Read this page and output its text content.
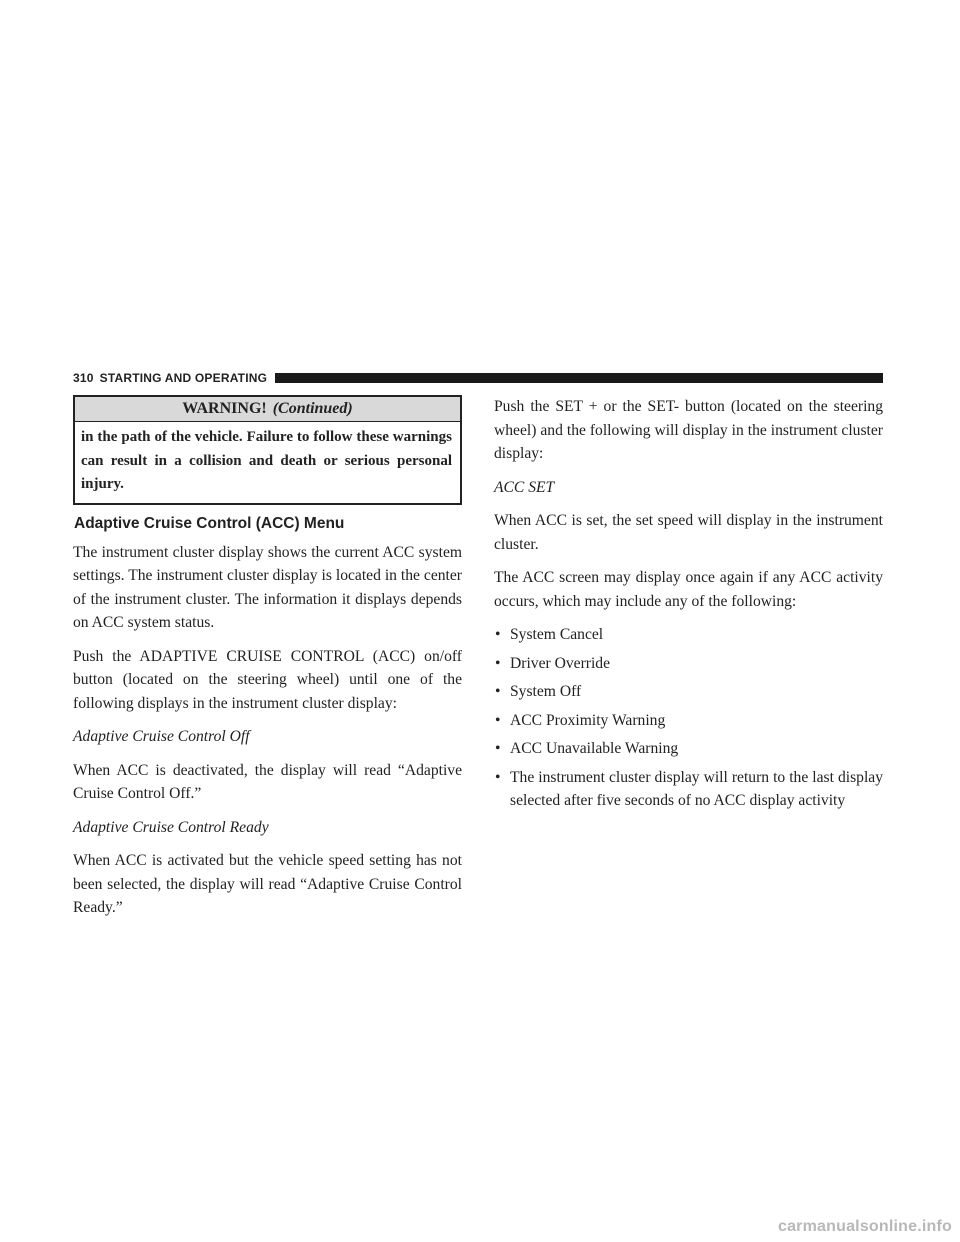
310 STARTING AND OPERATING
WARNING! (Continued)
in the path of the vehicle. Failure to follow these warnings can result in a collision and death or serious personal injury.
Adaptive Cruise Control (ACC) Menu

The instrument cluster display shows the current ACC system settings. The instrument cluster display is located in the center of the instrument cluster. The information it displays depends on ACC system status.

Push the ADAPTIVE CRUISE CONTROL (ACC) on/off button (located on the steering wheel) until one of the following displays in the instrument cluster display:

Adaptive Cruise Control Off

When ACC is deactivated, the display will read “Adaptive Cruise Control Off.”

Adaptive Cruise Control Ready

When ACC is activated but the vehicle speed setting has not been selected, the display will read “Adaptive Cruise Control Ready.”

Push the SET + or the SET- button (located on the steering wheel) and the following will display in the instrument cluster display:

ACC SET

When ACC is set, the set speed will display in the instrument cluster.

The ACC screen may display once again if any ACC activity occurs, which may include any of the following:

• System Cancel
• Driver Override
• System Off
• ACC Proximity Warning
• ACC Unavailable Warning
• The instrument cluster display will return to the last display selected after five seconds of no ACC display activity
carmanualsonline.info
